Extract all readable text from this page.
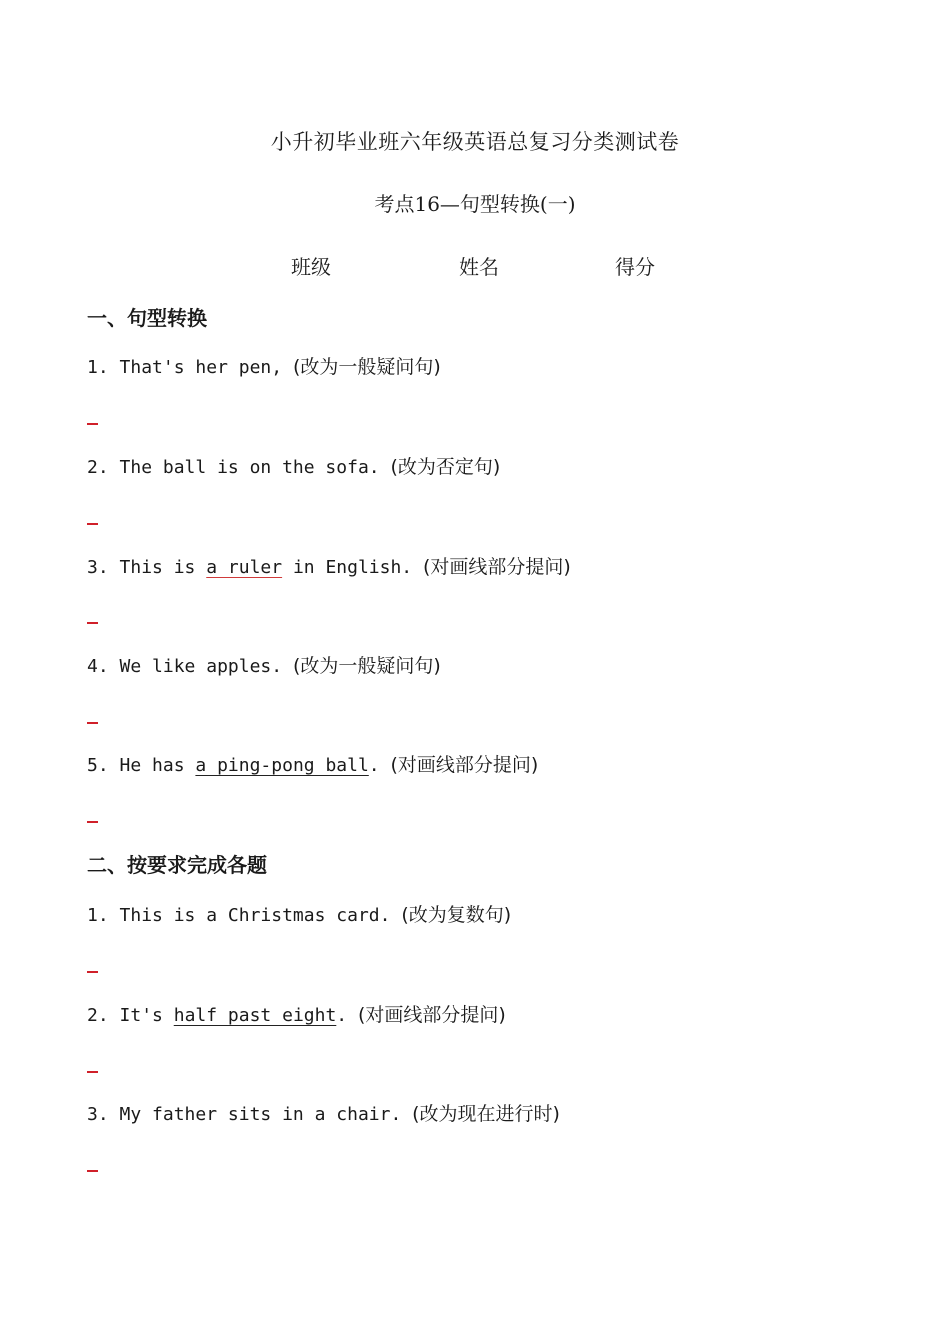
小升初毕业班六年级英语总复习分类测试卷
考点16—句型转换(一)
班级	姓名	得分
一、句型转换
1. That's her pen, (改为一般疑问句)
2. The ball is on the sofa. (改为否定句)
3. This is a ruler in English. (对画线部分提问)
4. We like apples. (改为一般疑问句)
5. He has a ping-pong ball. (对画线部分提问)
二、按要求完成各题
1. This is a Christmas card. (改为复数句)
2. It's half past eight. (对画线部分提问)
3. My father sits in a chair. (改为现在进行时)
